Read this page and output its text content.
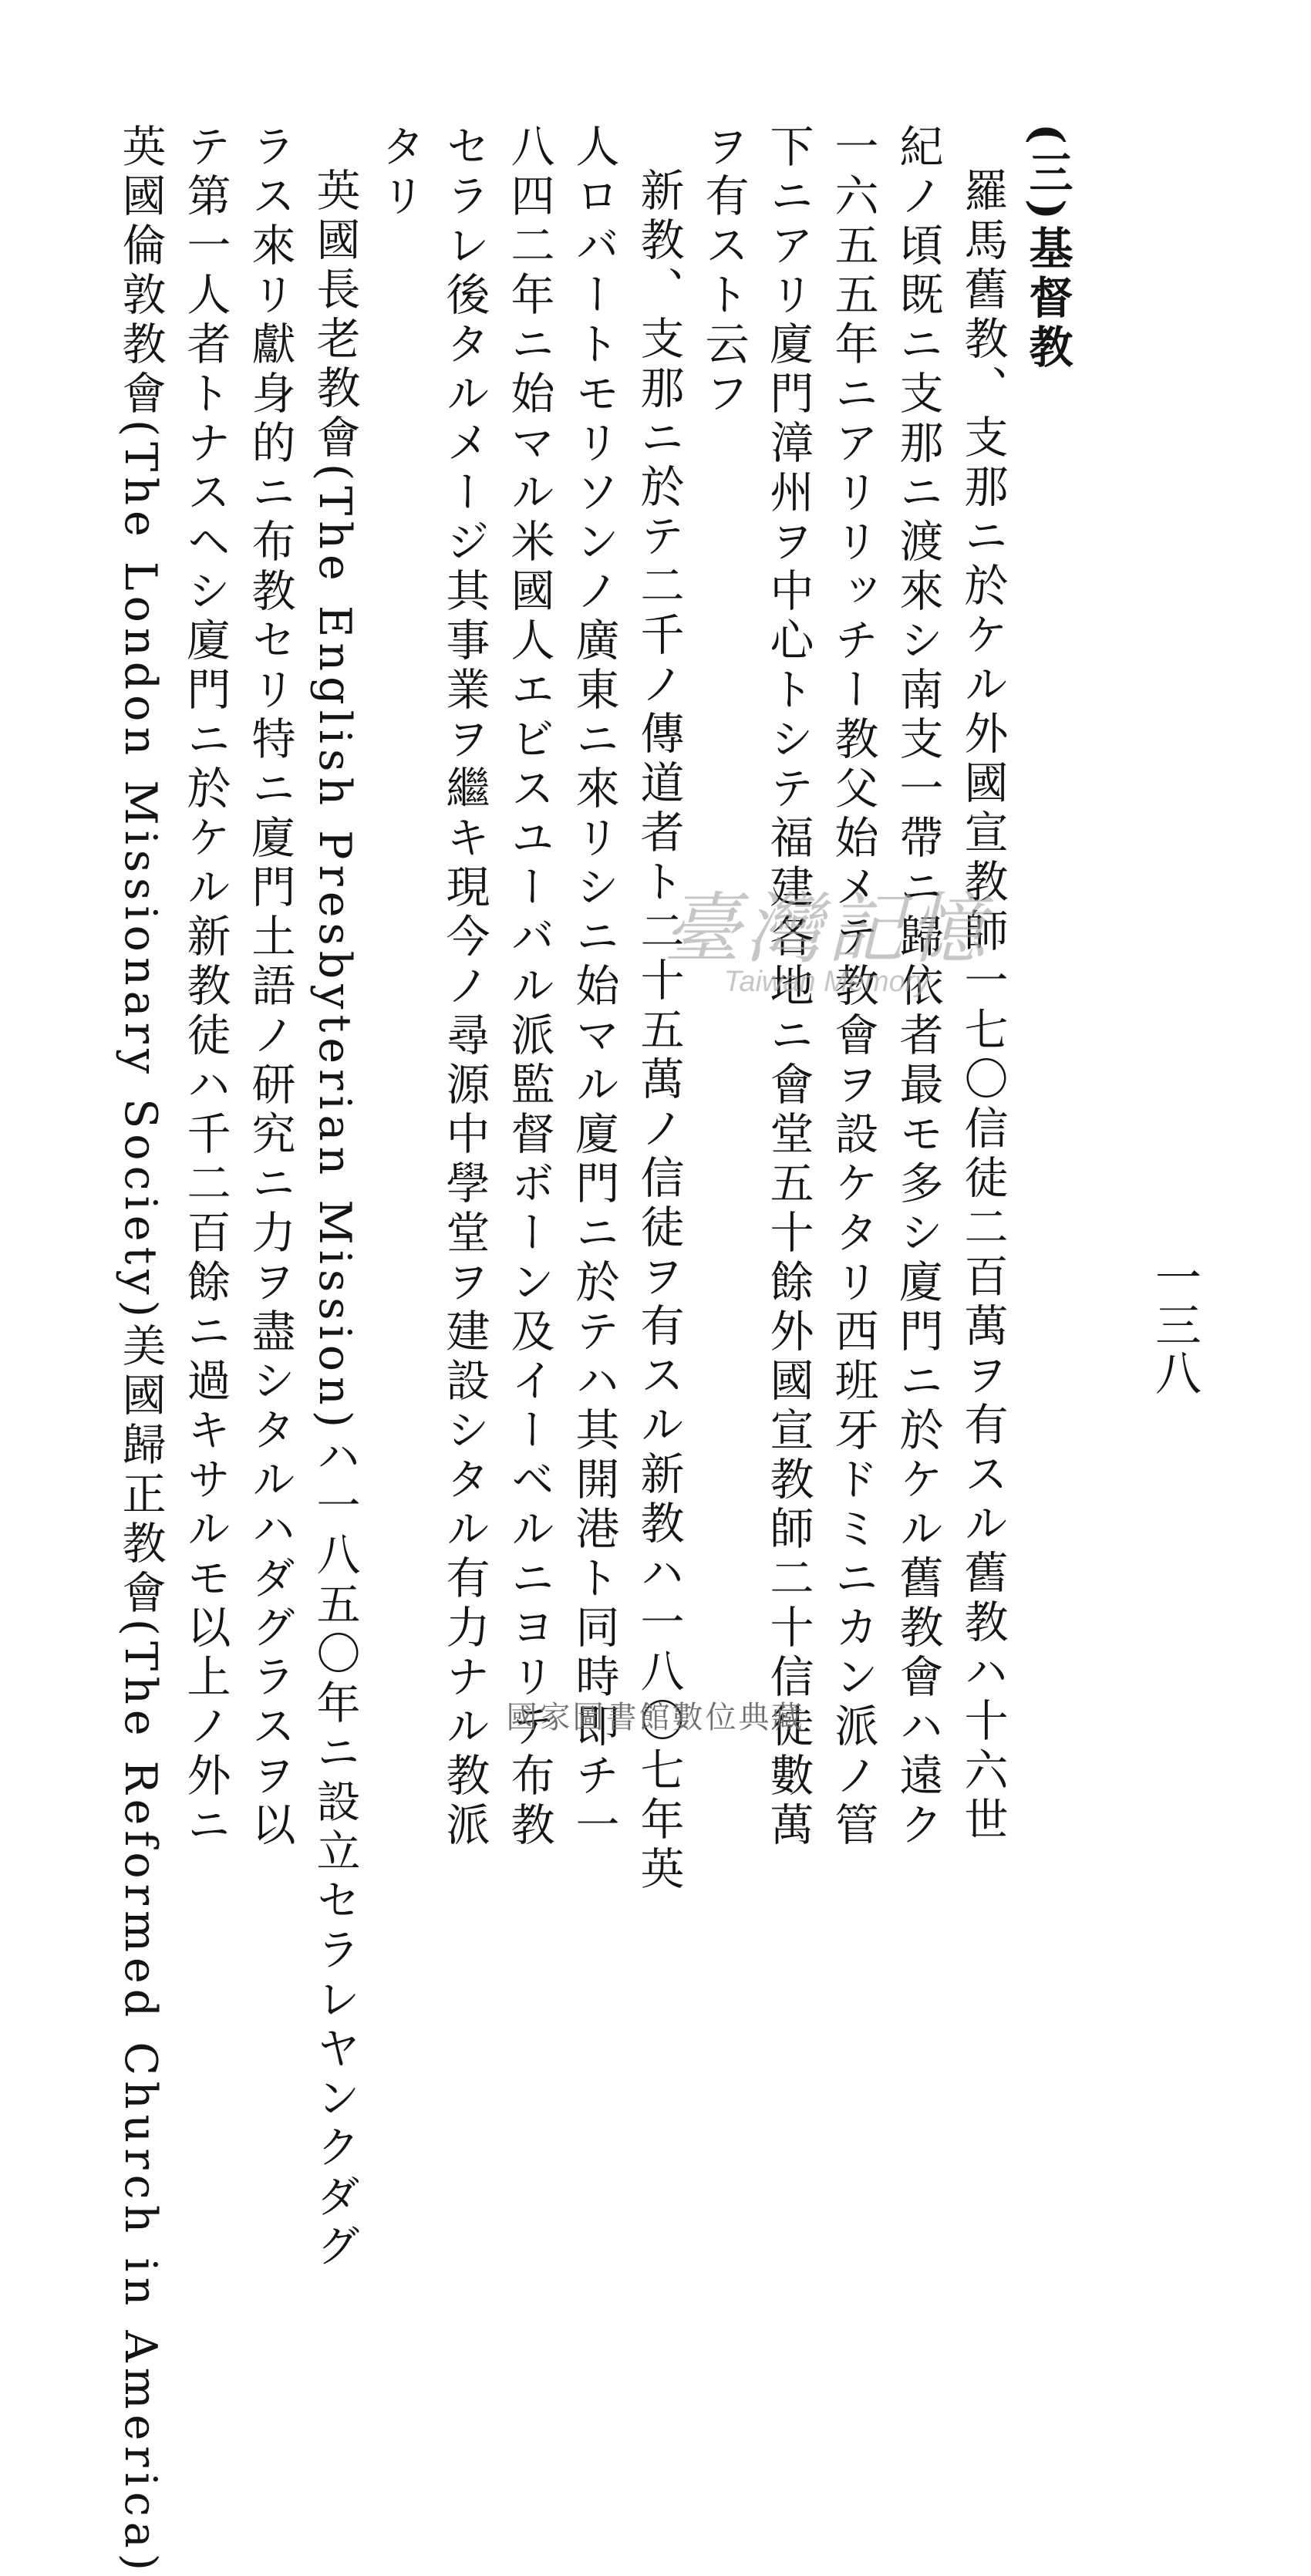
一三八
(三)基督教
羅馬舊教、支那ニ於ケル外國宣教師一七〇信徒二百萬ヲ有スル舊教ハ十六世
紀ノ頃既ニ支那ニ渡來シ南支一帶ニ歸依者最モ多シ廈門ニ於ケル舊教會ハ遠ク
一六五五年ニアリリッチー教父始メテ教會ヲ設ケタリ西班牙ドミニカン派ノ管
下ニアリ廈門漳州ヲ中心トシテ福建各地ニ會堂五十餘外國宣教師二十信徒數萬
ヲ有スト云フ
新教、支那ニ於テ二千ノ傳道者ト二十五萬ノ信徒ヲ有スル新教ハ一八〇七年英
人ロバートモリソンノ廣東ニ來リシニ始マル廈門ニ於テハ其開港ト同時即チ一
八四二年ニ始マル米國人エビスユーバル派監督ボーン及イーベルニヨリテ布教
セラレ後タルメージ其事業ヲ繼キ現今ノ尋源中學堂ヲ建設シタル有力ナル教派
タリ
英國長老教會(The English Presbyterian Mission)ハ一八五〇年ニ設立セラレヤンクダグ
ラス來リ獻身的ニ布教セリ特ニ廈門土語ノ研究ニ力ヲ盡シタルハダグラスヲ以
テ第一人者トナスヘシ廈門ニ於ケル新教徒ハ千二百餘ニ過キサルモ以上ノ外ニ
英國倫敦教會(The London Missionary Society)美國歸正教會(The Reformed Church in America)	臺灣記憶
Taiwan Memory
國家圖書館數位典藏
